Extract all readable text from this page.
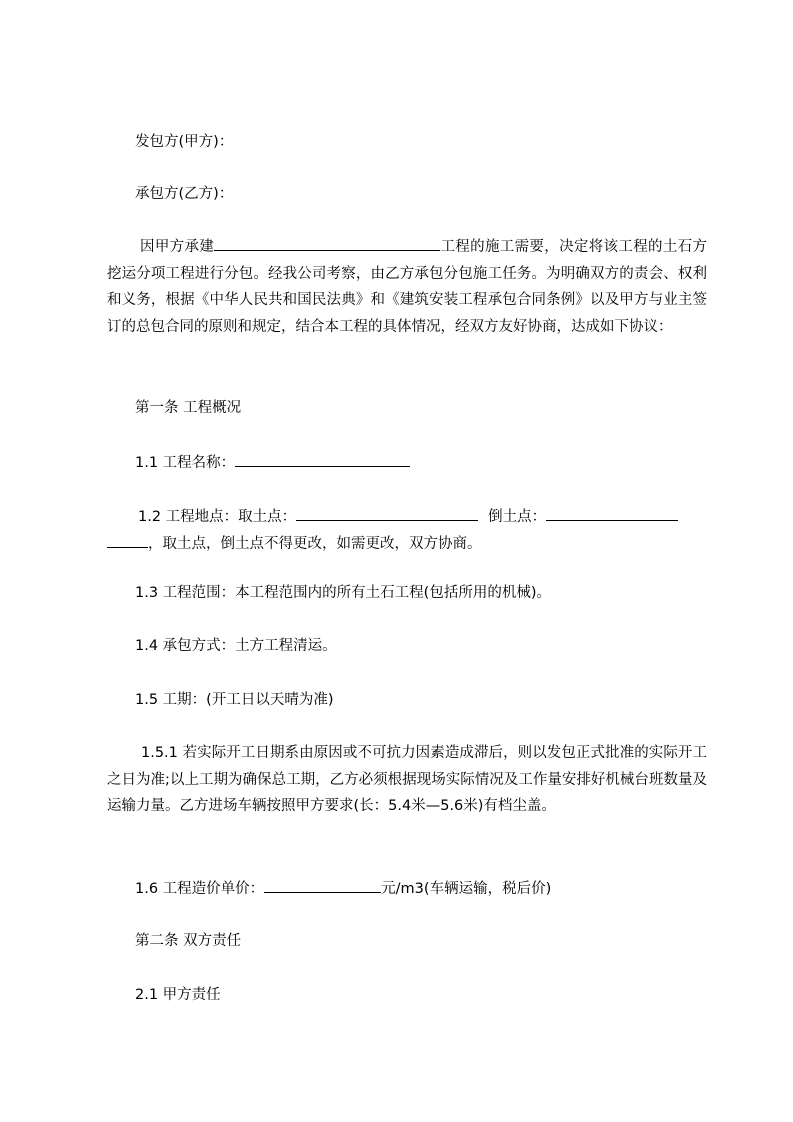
发包方(甲方)：
承包方(乙方)：
因甲方承建	工程的施工需要，决定将该工程的土石方挖运分项工程进行分包。经我公司考察，由乙方承包分包施工任务。为明确双方的责会、权利和义务，根据《中华人民共和国民法典》和《建筑安装工程承包合同条例》以及甲方与业主签订的总包合同的原则和规定，结合本工程的具体情况，经双方友好协商，达成如下协议：
第一条 工程概况
1.1 工程名称：
1.2 工程地点：取土点：	倒土点：
，取土点，倒土点不得更改，如需更改，双方协商。
1.3 工程范围：本工程范围内的所有土石工程(包括所用的机械)。
1.4 承包方式：土方工程清运。
1.5 工期：(开工日以天晴为准)
1.5.1 若实际开工日期系由原因或不可抗力因素造成滞后，则以发包正式批准的实际开工之日为准;以上工期为确保总工期，乙方必须根据现场实际情况及工作量安排好机械台班数量及运输力量。乙方进场车辆按照甲方要求(长：5.4米—5.6米)有档尘盖。
1.6 工程造价单价：	元/m3(车辆运输，税后价)
第二条 双方责任
2.1 甲方责任
